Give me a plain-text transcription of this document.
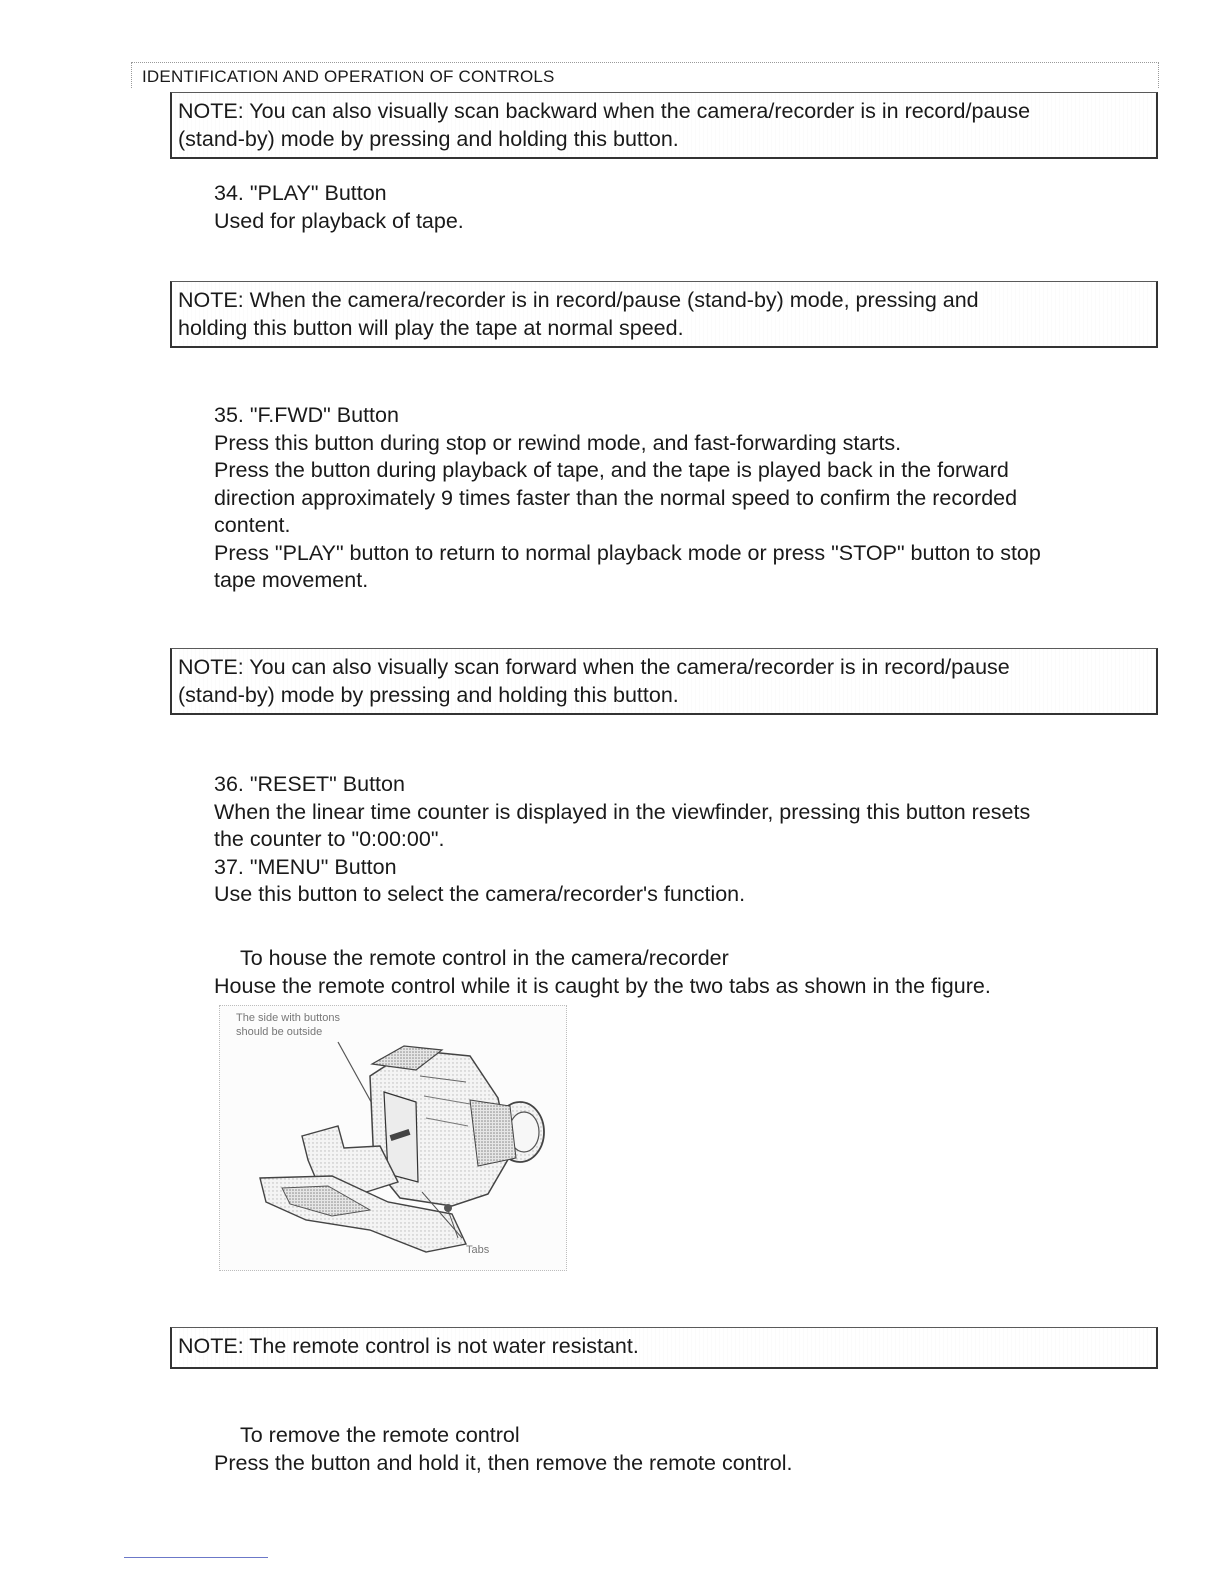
IDENTIFICATION AND OPERATION OF CONTROLS

NOTE: You can also visually scan backward when the camera/recorder is in record/pause

(stand-by) mode by pressing and holding this button.

34. "PLAY" Button

Used for playback of tape.

NOTE: When the camera/recorder is in record/pause (stand-by) mode, pressing and

holding this button will play the tape at normal speed.

35. "F.FWD" Button

Press this button during stop or rewind mode, and fast-forwarding starts.

Press the button during playback of tape, and the tape is played back in the forward

direction approximately 9 times faster than the normal speed to confirm the recorded

content.

Press "PLAY" button to return to normal playback mode or press "STOP" button to stop

tape movement.

NOTE: You can also visually scan forward when the camera/recorder is in record/pause

(stand-by) mode by pressing and holding this button.

36. "RESET" Button

When the linear time counter is displayed in the viewfinder, pressing this button resets

the counter to "0:00:00".

37. "MENU" Button

Use this button to select the camera/recorder's function.

To house the remote control in the camera/recorder

House the remote control while it is caught by the two tabs as shown in the figure.

The side with buttons
should be outside
Tabs

NOTE: The remote control is not water resistant.

To remove the remote control

Press the button and hold it, then remove the remote control.
